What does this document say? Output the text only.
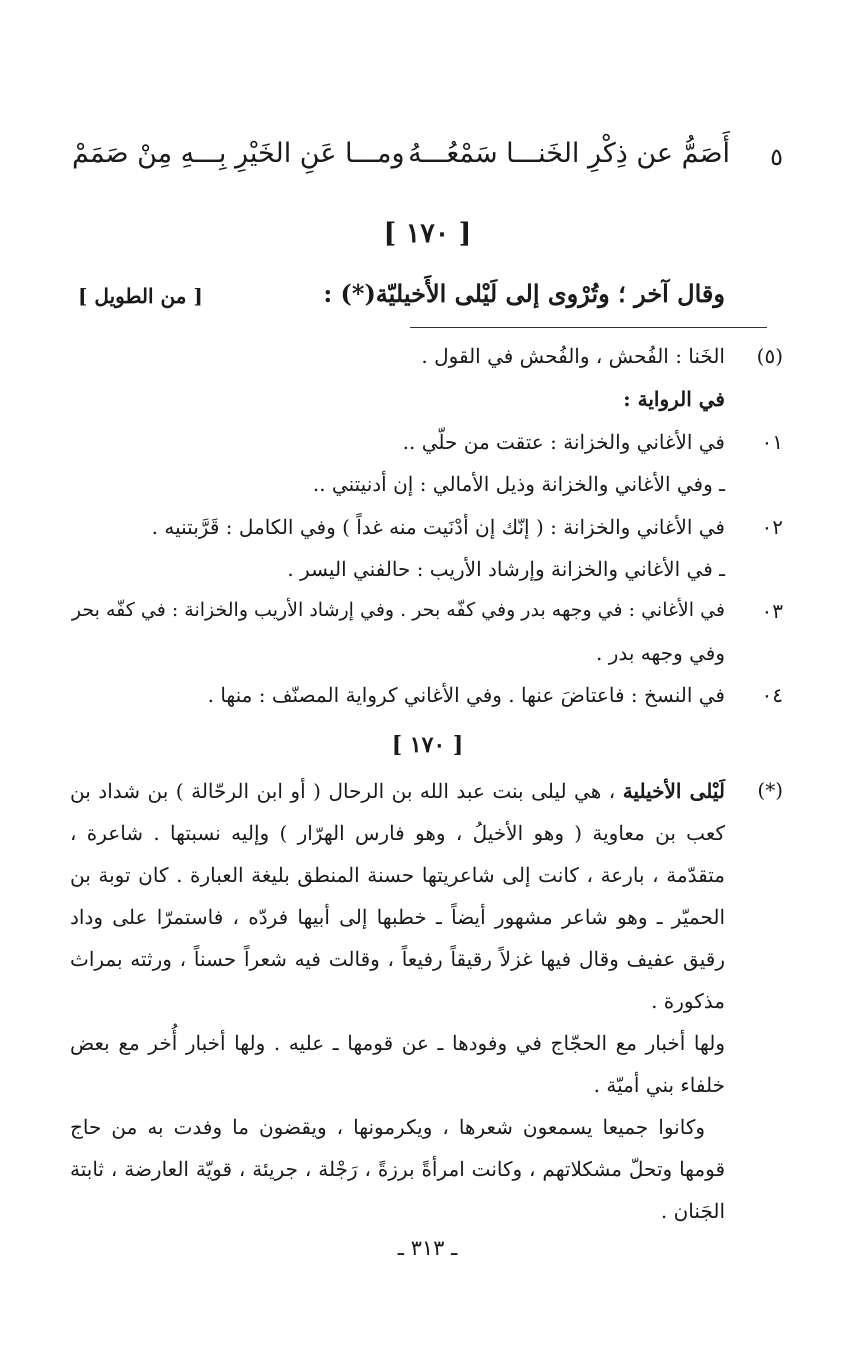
٥
أَصَمُّ عن ذِكْرِ الخَنـــا سَمْعُـــهُ
ومـــا عَنِ الخَيْرِ بِـــهِ مِنْ صَمَمْ
[ ١٧٠ ]
وقال آخر ؛ وتُرْوى إلى لَيْلى الأَخيليّة(*) :
[ من الطويل ]
(٥)
الخَنا : الفُحش ، والفُحش في القول .
في الرواية :
٠١
في الأغاني والخزانة : عتقت من حلّي ..
ـ وفي الأغاني والخزانة وذيل الأمالي : إن أدنيتني ..
٠٢
في الأغاني والخزانة : ( إنّك إن أدْنَيت منه غداً ) وفي الكامل : قَرَّبتنيه .
ـ في الأغاني والخزانة وإرشاد الأريب : حالفني اليسر .
٠٣
في الأغاني : في وجهه بدر وفي كفّه بحر . وفي إرشاد الأريب والخزانة : في كفّه بحر
وفي وجهه بدر .
٠٤
في النسخ : فاعتاضَ عنها . وفي الأغاني كرواية المصنّف : منها .
[ ١٧٠ ]
(*)
لَيْلى الأخيلية ، هي ليلى بنت عبد الله بن الرحال ( أو ابن الرحّالة ) بن شداد بن كعب بن معاوية ( وهو الأخيلُ ، وهو فارس الهرّار ) وإليه نسبتها . شاعرة ، متقدّمة ، بارعة ، كانت إلى شاعريتها حسنة المنطق بليغة العبارة . كان توبة بن الحميّر ـ وهو شاعر مشهور أيضاً ـ خطبها إلى أبيها فردّه ، فاستمرّا على وداد رقيق عفيف وقال فيها غزلاً رقيقاً رفيعاً ، وقالت فيه شعراً حسناً ، ورثته بمراث مذكورة .
ولها أخبار مع الحجّاج في وفودها ـ عن قومها ـ عليه . ولها أخبار أُخر مع بعض خلفاء بني أميّة .
وكانوا جميعا يسمعون شعرها ، ويكرمونها ، ويقضون ما وفدت به من حاج قومها وتحلّ مشكلاتهم ، وكانت امرأةً برزةً ، رَجْلة ، جريئة ، قويّة العارضة ، ثابتة الجَنان .
ـ ٣١٣ ـ
